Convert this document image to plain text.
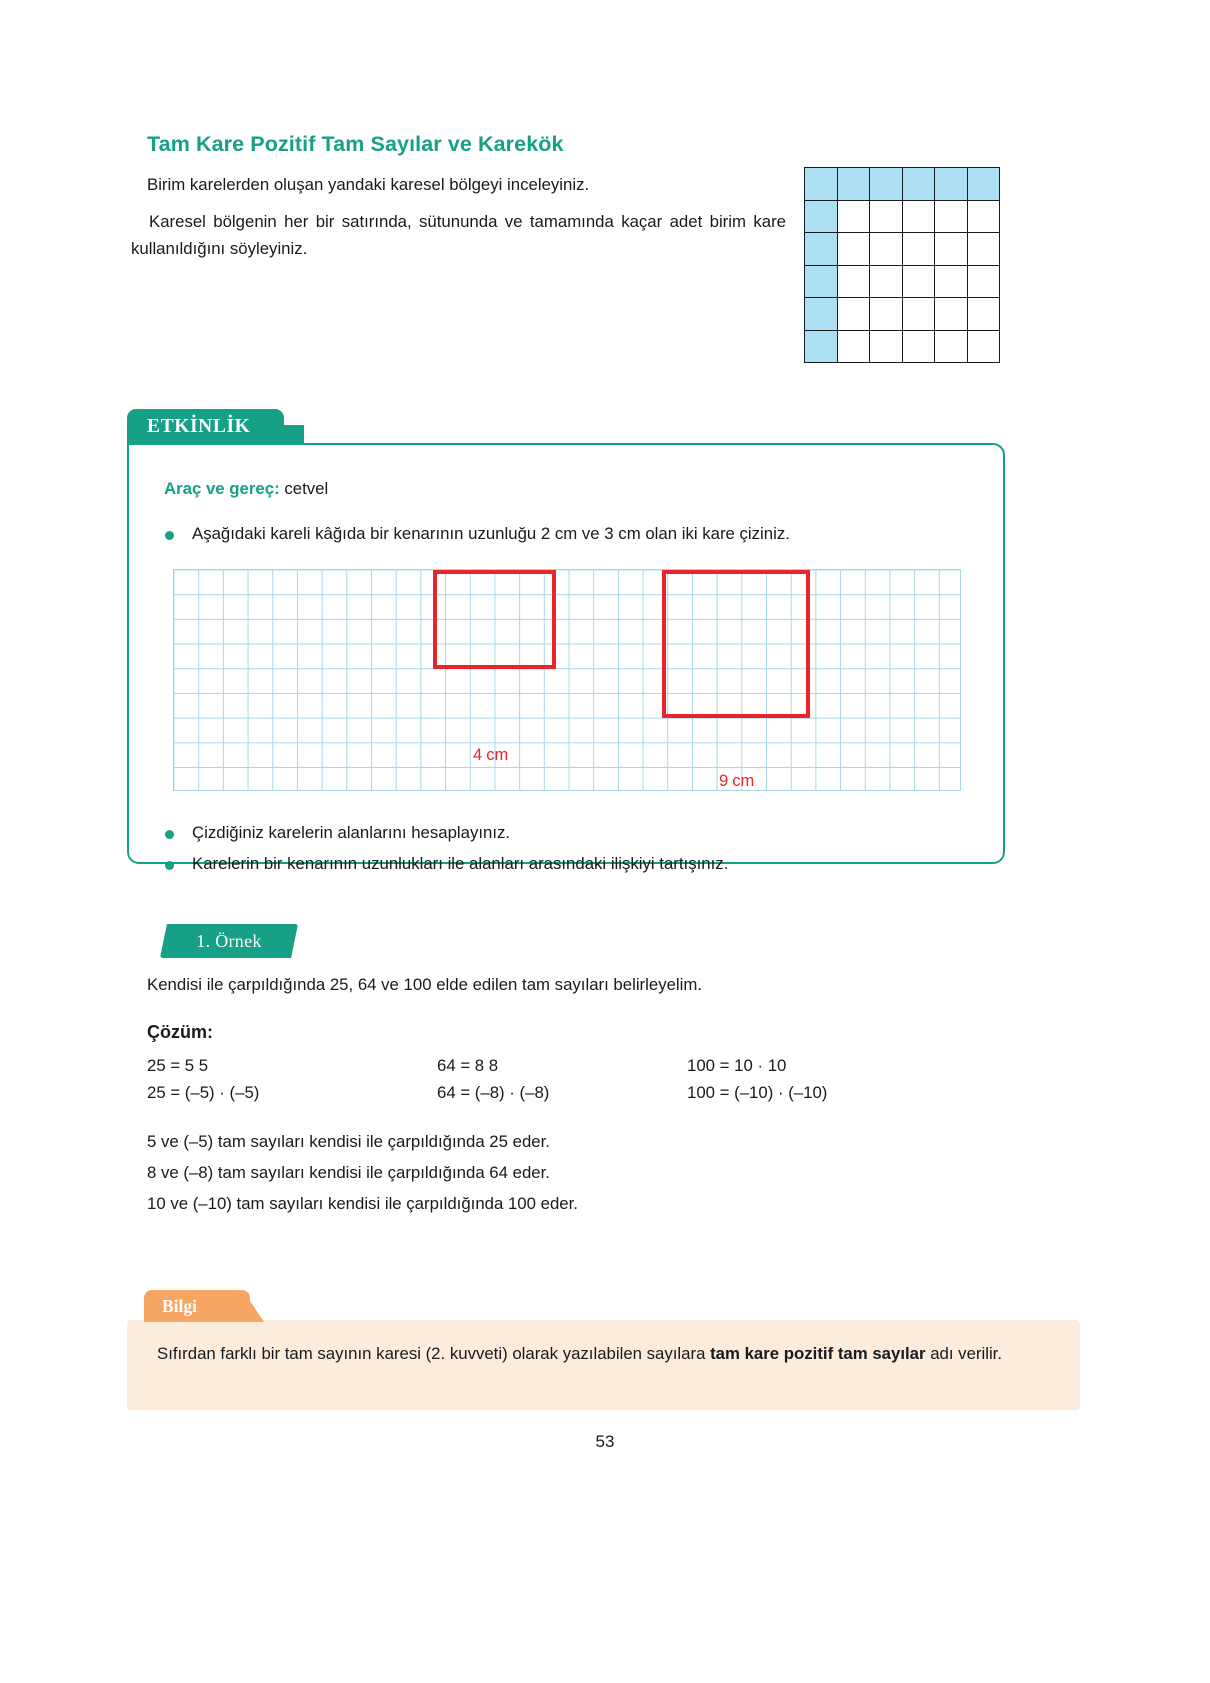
Tam Kare Pozitif Tam Sayılar ve Karekök
Birim karelerden oluşan yandaki karesel bölgeyi inceleyiniz.
Karesel bölgenin her bir satırında, sütununda ve tamamında kaçar adet birim kare kullanıldığını söyleyiniz.
ETKİNLİK
Araç ve gereç: cetvel
Aşağıdaki kareli kâğıda bir kenarının uzunluğu 2 cm ve 3 cm olan iki kare çiziniz.
4 cm
9 cm
Çizdiğiniz karelerin alanlarını hesaplayınız.
Karelerin bir kenarının uzunlukları ile alanları arasındaki ilişkiyi tartışınız.
1. Örnek
Kendisi ile çarpıldığında 25, 64 ve 100 elde edilen tam sayıları belirleyelim.
Çözüm:
25 = 5 5	64 = 8 8	100 = 10 · 10
25 = (–5) · (–5)	64 = (–8) · (–8)	100 = (–10) · (–10)
5 ve (–5) tam sayıları kendisi ile çarpıldığında 25 eder.
8 ve (–8) tam sayıları kendisi ile çarpıldığında 64 eder.
10 ve (–10) tam sayıları kendisi ile çarpıldığında 100 eder.
Bilgi
Sıfırdan farklı bir tam sayının karesi (2. kuvveti) olarak yazılabilen sayılara tam kare pozitif tam sayılar adı verilir.
53
